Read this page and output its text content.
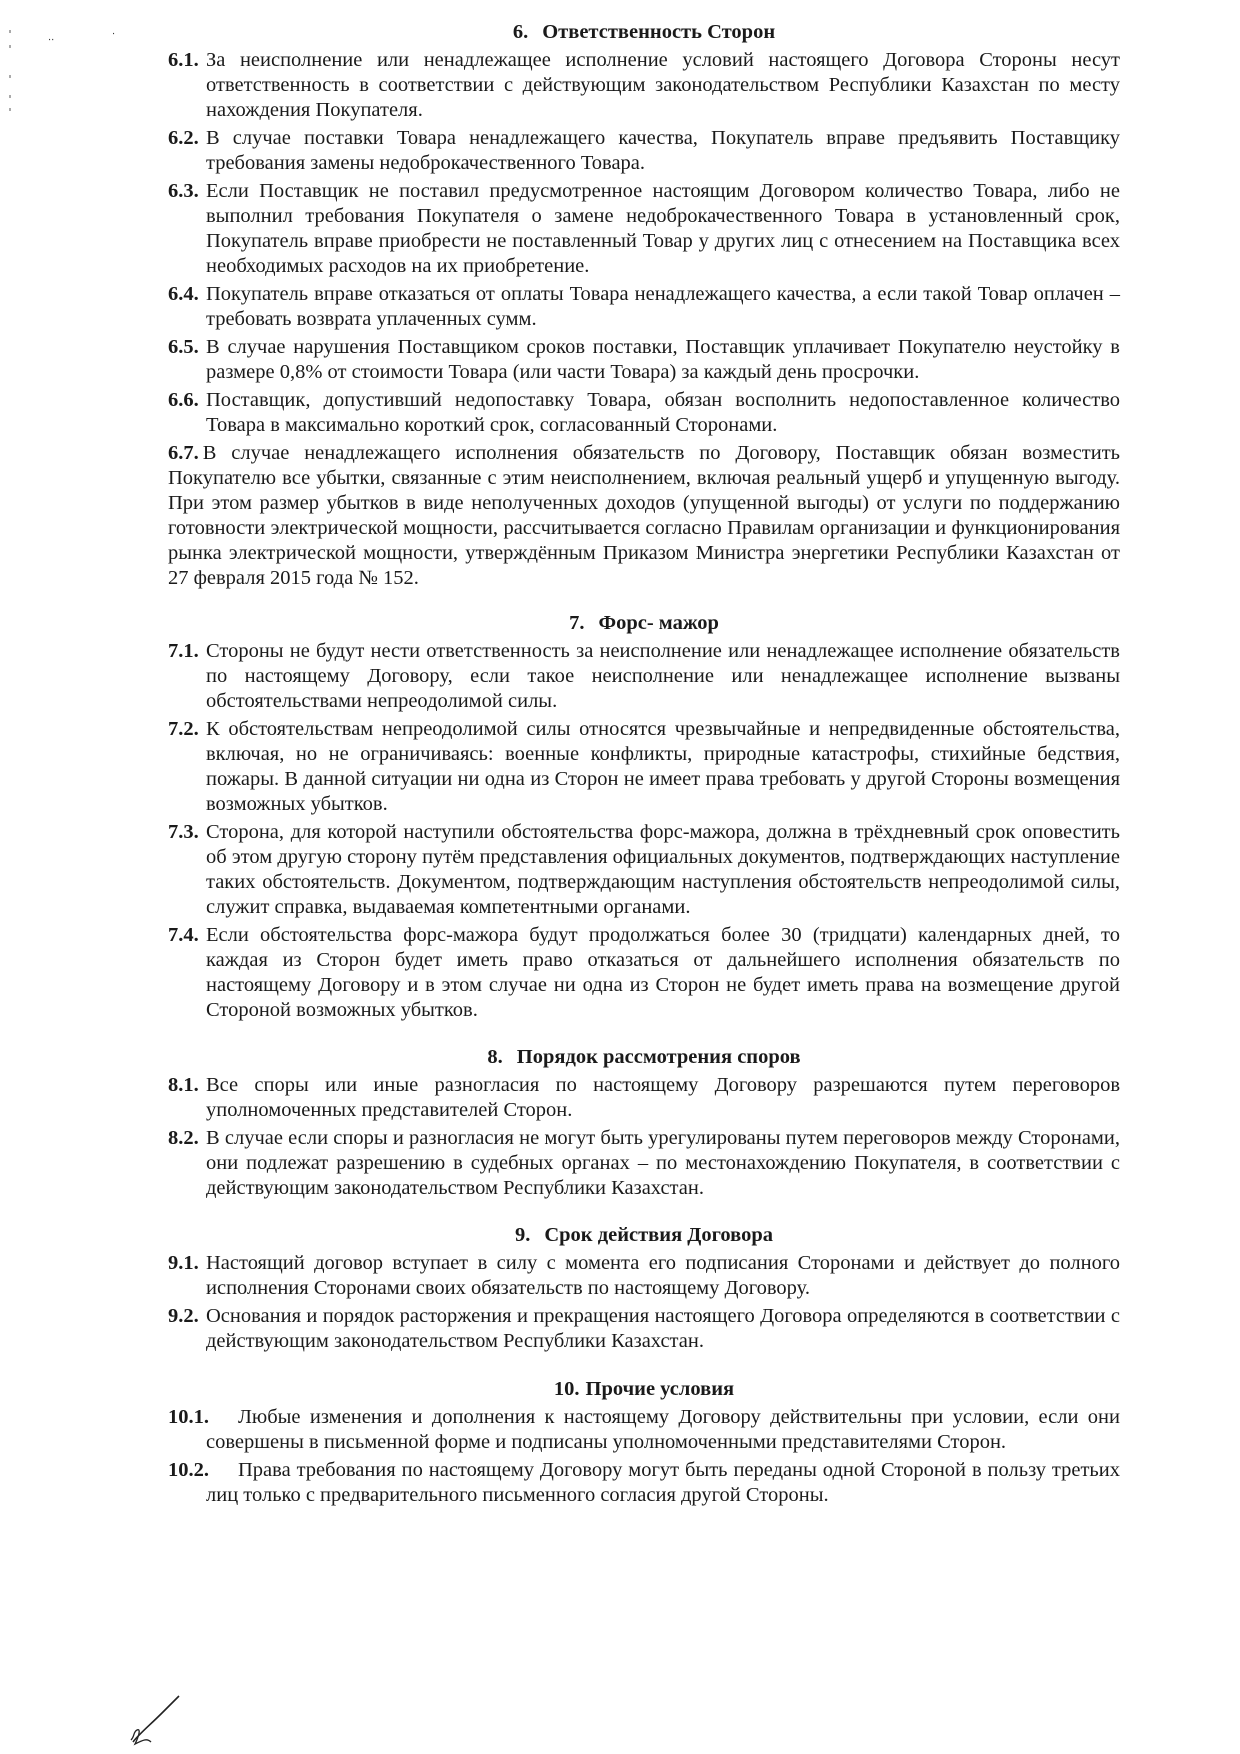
⋅⋅
⋅	6. Ответственность Сторон
6.1. За неисполнение или ненадлежащее исполнение условий настоящего Договора Стороны несут ответственность в соответствии с действующим законодательством Республики Казахстан по месту нахождения Покупателя.
6.2. В случае поставки Товара ненадлежащего качества, Покупатель вправе предъявить Поставщику требования замены недоброкачественного Товара.
6.3. Если Поставщик не поставил предусмотренное настоящим Договором количество Товара, либо не выполнил требования Покупателя о замене недоброкачественного Товара в установленный срок, Покупатель вправе приобрести не поставленный Товар у других лиц с отнесением на Поставщика всех необходимых расходов на их приобретение.
6.4. Покупатель вправе отказаться от оплаты Товара ненадлежащего качества, а если такой Товар оплачен – требовать возврата уплаченных сумм.
6.5. В случае нарушения Поставщиком сроков поставки, Поставщик уплачивает Покупателю неустойку в размере 0,8% от стоимости Товара (или части Товара) за каждый день просрочки.
6.6. Поставщик, допустивший недопоставку Товара, обязан восполнить недопоставленное количество Товара в максимально короткий срок, согласованный Сторонами.
6.7. В случае ненадлежащего исполнения обязательств по Договору, Поставщик обязан возместить Покупателю все убытки, связанные с этим неисполнением, включая реальный ущерб и упущенную выгоду. При этом размер убытков в виде неполученных доходов (упущенной выгоды) от услуги по поддержанию готовности электрической мощности, рассчитывается согласно Правилам организации и функционирования рынка электрической мощности, утверждённым Приказом Министра энергетики Республики Казахстан от 27 февраля 2015 года № 152.
7. Форс- мажор
7.1. Стороны не будут нести ответственность за неисполнение или ненадлежащее исполнение обязательств по настоящему Договору, если такое неисполнение или ненадлежащее исполнение вызваны обстоятельствами непреодолимой силы.
7.2. К обстоятельствам непреодолимой силы относятся чрезвычайные и непредвиденные обстоятельства, включая, но не ограничиваясь: военные конфликты, природные катастрофы, стихийные бедствия, пожары. В данной ситуации ни одна из Сторон не имеет права требовать у другой Стороны возмещения возможных убытков.
7.3. Сторона, для которой наступили обстоятельства форс-мажора, должна в трёхдневный срок оповестить об этом другую сторону путём представления официальных документов, подтверждающих наступление таких обстоятельств. Документом, подтверждающим наступления обстоятельств непреодолимой силы, служит справка, выдаваемая компетентными органами.
7.4. Если обстоятельства форс-мажора будут продолжаться более 30 (тридцати) календарных дней, то каждая из Сторон будет иметь право отказаться от дальнейшего исполнения обязательств по настоящему Договору и в этом случае ни одна из Сторон не будет иметь права на возмещение другой Стороной возможных убытков.
8. Порядок рассмотрения споров
8.1. Все споры или иные разногласия по настоящему Договору разрешаются путем переговоров уполномоченных представителей Сторон.
8.2. В случае если споры и разногласия не могут быть урегулированы путем переговоров между Сторонами, они подлежат разрешению в судебных органах – по местонахождению Покупателя, в соответствии с действующим законодательством Республики Казахстан.
9. Срок действия Договора
9.1. Настоящий договор вступает в силу с момента его подписания Сторонами и действует до полного исполнения Сторонами своих обязательств по настоящему Договору.
9.2. Основания и порядок расторжения и прекращения настоящего Договора определяются в соответствии с действующим законодательством Республики Казахстан.
10. Прочие условия
10.1.	Любые изменения и дополнения к настоящему Договору действительны при условии, если они совершены в письменной форме и подписаны уполномоченными представителями Сторон.
10.2.	Права требования по настоящему Договору могут быть переданы одной Стороной в пользу третьих лиц только с предварительного письменного согласия другой Стороны.
